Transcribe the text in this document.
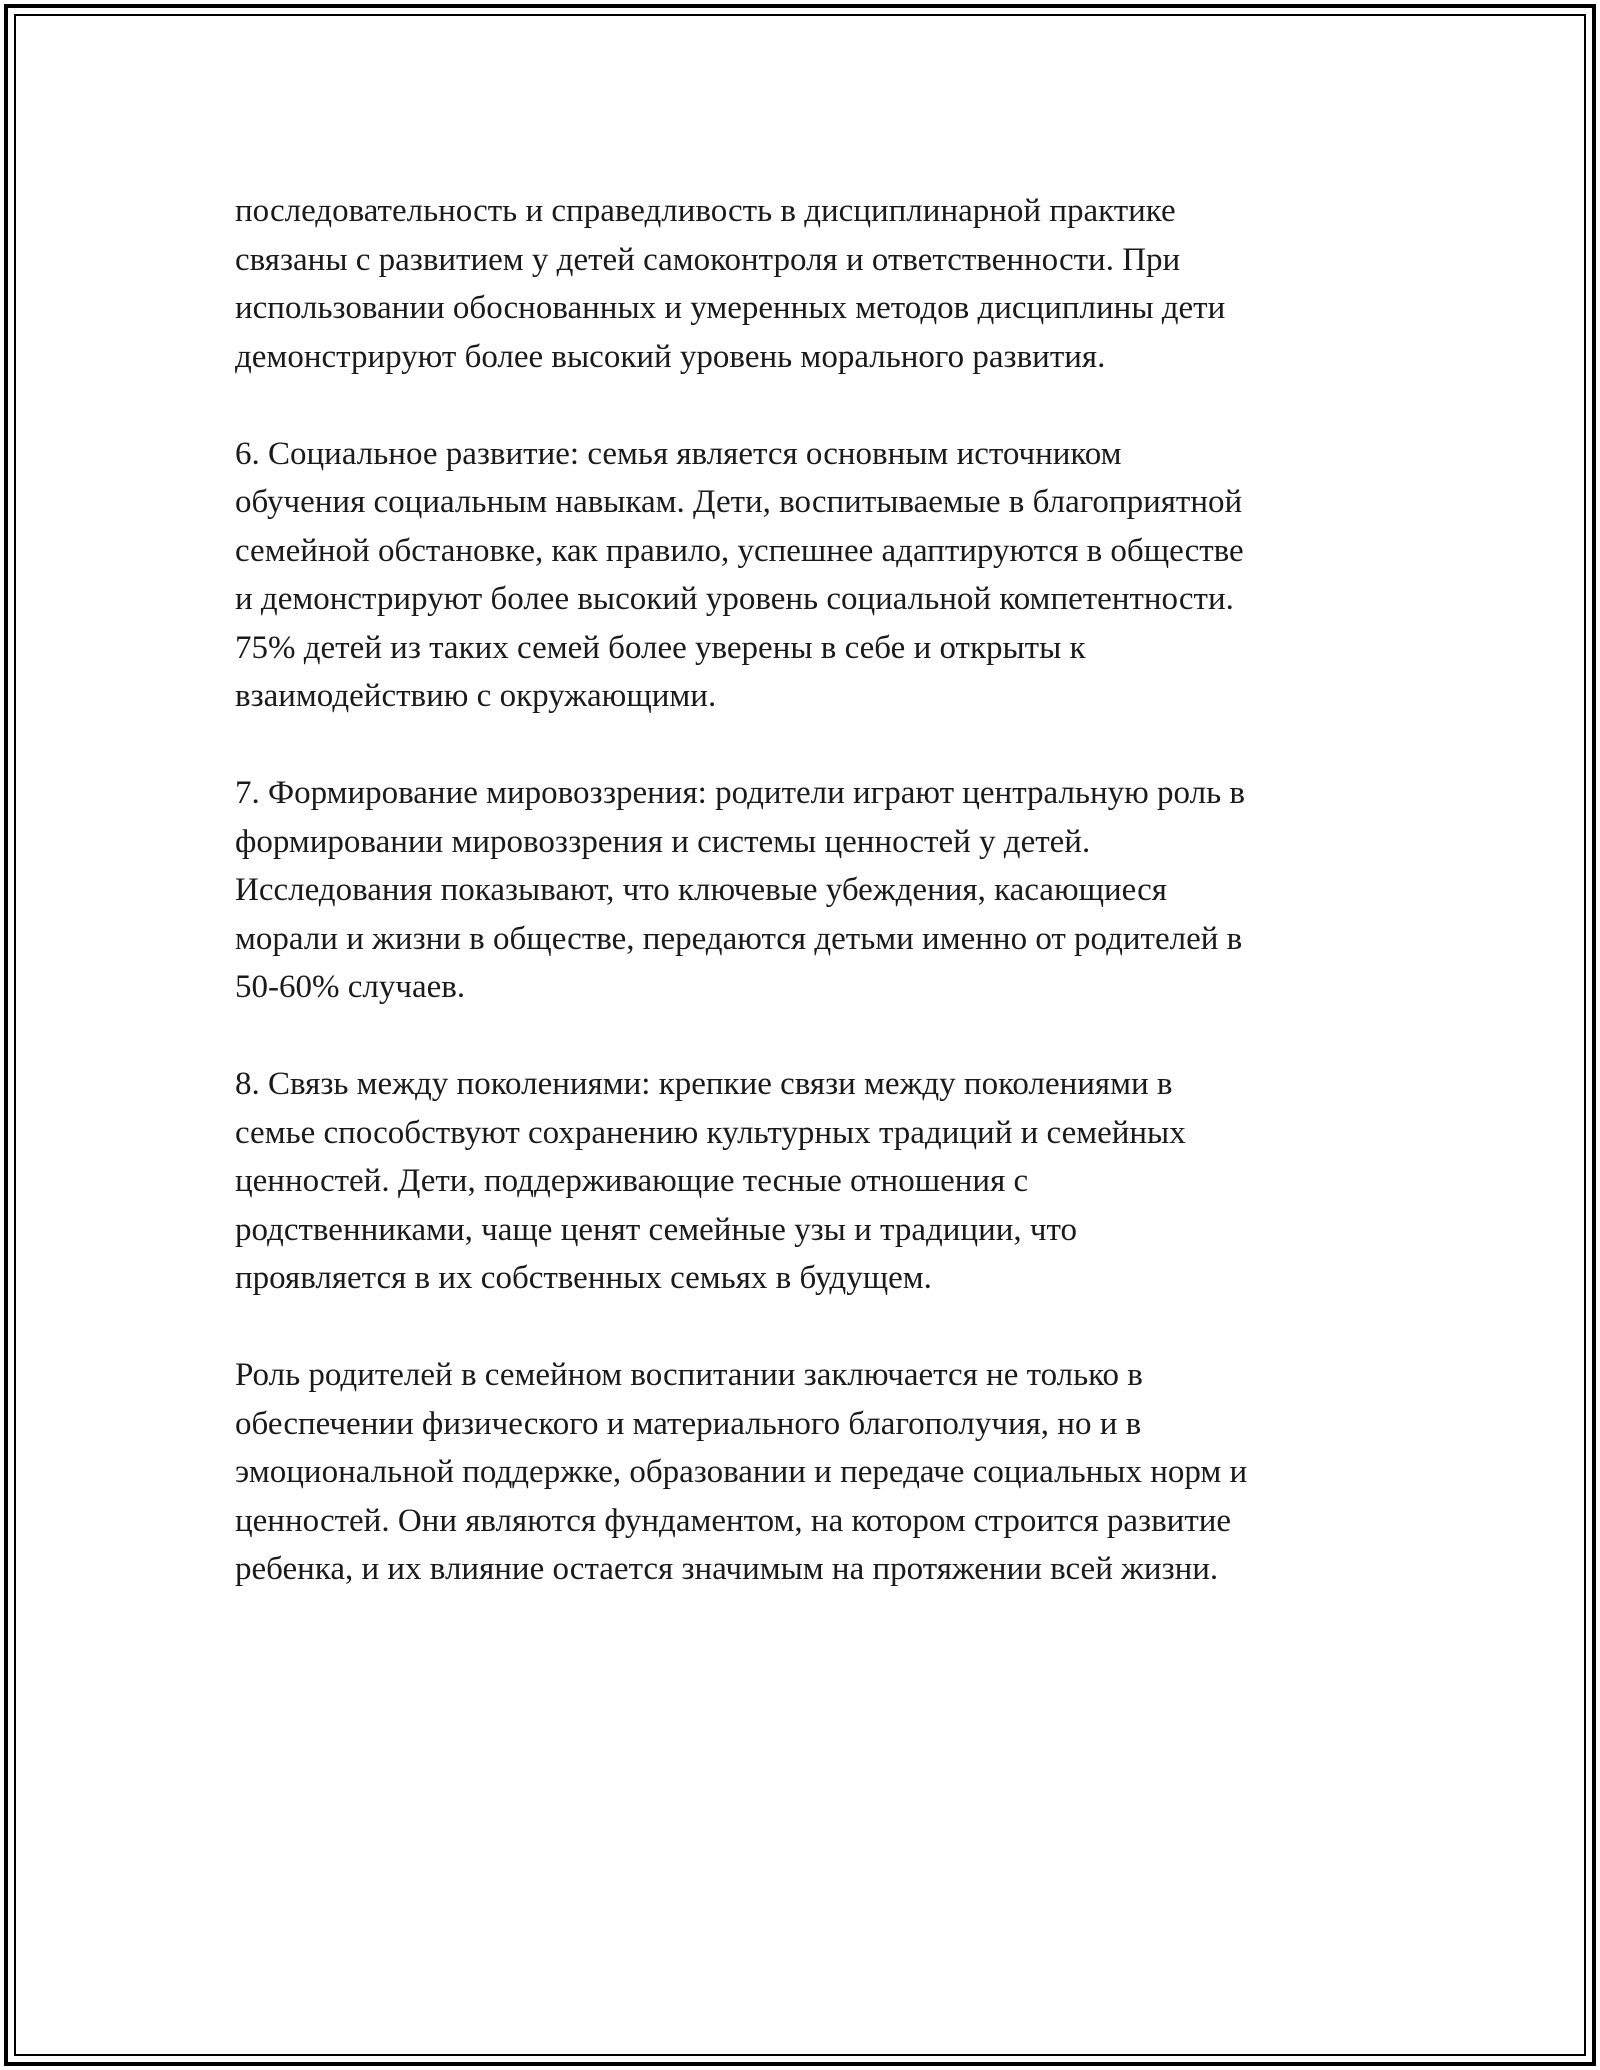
последовательность и справедливость в дисциплинарной практике
связаны с развитием у детей самоконтроля и ответственности. При
использовании обоснованных и умеренных методов дисциплины дети
демонстрируют более высокий уровень морального развития.

6. Социальное развитие: семья является основным источником
обучения социальным навыкам. Дети, воспитываемые в благоприятной
семейной обстановке, как правило, успешнее адаптируются в обществе
и демонстрируют более высокий уровень социальной компетентности.
75% детей из таких семей более уверены в себе и открыты к
взаимодействию с окружающими.

7. Формирование мировоззрения: родители играют центральную роль в
формировании мировоззрения и системы ценностей у детей.
Исследования показывают, что ключевые убеждения, касающиеся
морали и жизни в обществе, передаются детьми именно от родителей в
50-60% случаев.

8. Связь между поколениями: крепкие связи между поколениями в
семье способствуют сохранению культурных традиций и семейных
ценностей. Дети, поддерживающие тесные отношения с
родственниками, чаще ценят семейные узы и традиции, что
проявляется в их собственных семьях в будущем.

Роль родителей в семейном воспитании заключается не только в
обеспечении физического и материального благополучия, но и в
эмоциональной поддержке, образовании и передаче социальных норм и
ценностей. Они являются фундаментом, на котором строится развитие
ребенка, и их влияние остается значимым на протяжении всей жизни.
